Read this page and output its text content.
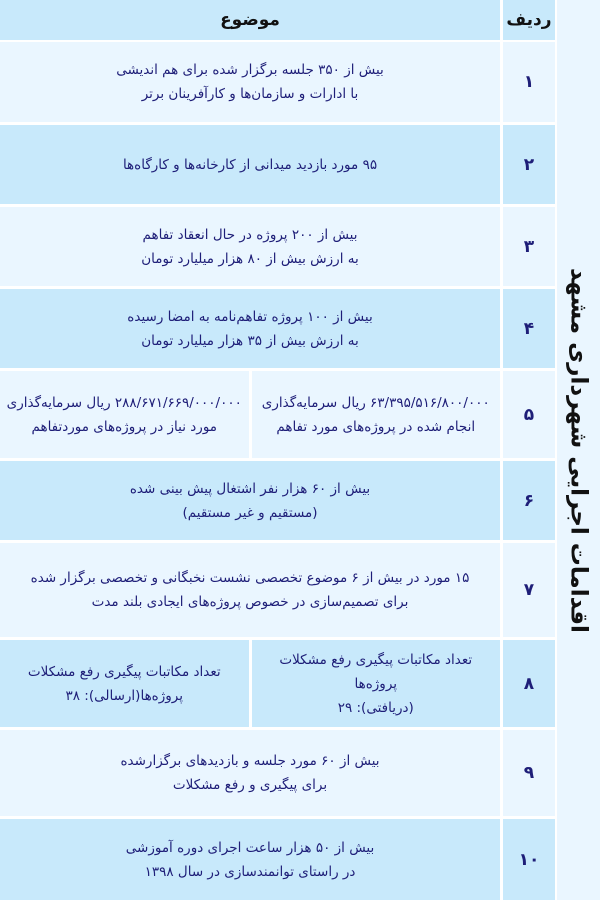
اقدامات اجرایی شهرداری مشهد
ردیف
موضوع
۱
بیش از ۳۵۰ جلسه برگزار شده برای هم اندیشی
با ادارات و سازمان‌ها و کارآفرینان برتر
۲
۹۵ مورد بازدید میدانی از کارخانه‌ها و کارگاه‌ها
۳
بیش از ۲۰۰ پروژه در حال انعقاد تفاهم
به ارزش بیش از ۸۰ هزار میلیارد تومان
۴
بیش از ۱۰۰ پروژه تفاهم‌نامه به امضا رسیده
به ارزش بیش از ۳۵ هزار میلیارد تومان
۵
۶۳/۳۹۵/۵۱۶/۸۰۰/۰۰۰ ریال سرمایه‌گذاری
انجام شده در پروژه‌های مورد تفاهم
۲۸۸/۶۷۱/۶۶۹/۰۰۰/۰۰۰ ریال سرمایه‌گذاری
مورد نیاز در پروژه‌های موردتفاهم
۶
بیش از ۶۰ هزار نفر اشتغال پیش بینی شده
(مستقیم و غیر مستقیم)
۷
۱۵ مورد در بیش از ۶ موضوع تخصصی نشست نخبگانی و تخصصی برگزار شده
برای تصمیم‌سازی در خصوص پروژه‌های ایجادی بلند مدت
۸
تعداد مکاتبات پیگیری رفع مشکلات پروژه‌ها
(دریافتی): ۲۹
تعداد مکاتبات پیگیری رفع مشکلات
پروژه‌ها(ارسالی): ۳۸
۹
بیش از ۶۰ مورد جلسه و بازدیدهای برگزارشده
برای پیگیری و رفع مشکلات
۱۰
بیش از ۵۰ هزار ساعت اجرای دوره آموزشی
در راستای توانمندسازی در سال ۱۳۹۸
